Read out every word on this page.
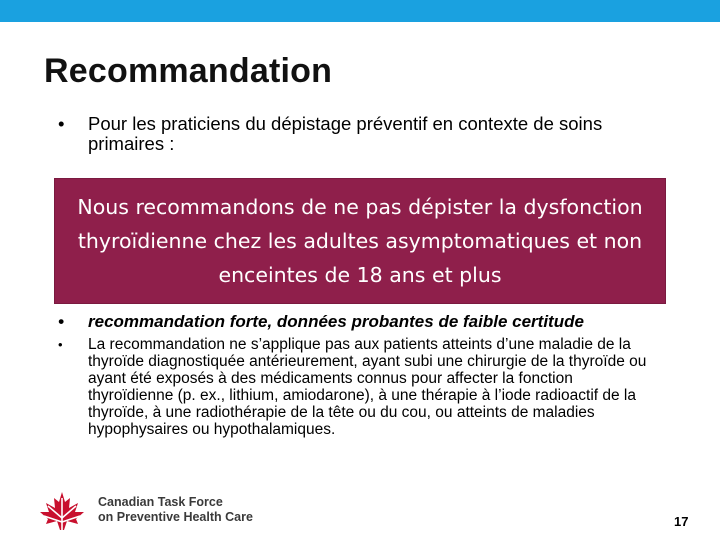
Recommandation
•	Pour les praticiens du dépistage préventif en contexte de soins primaires :
Nous recommandons de ne pas dépister la dysfonction thyroïdienne chez les adultes asymptomatiques et non enceintes de 18 ans et plus
•	recommandation forte, données probantes de faible certitude
•	La recommandation ne s’applique pas aux patients atteints d’une maladie de la thyroïde diagnostiquée antérieurement, ayant subi une chirurgie de la thyroïde ou ayant été exposés à des médicaments connus pour affecter la fonction thyroïdienne (p. ex., lithium, amiodarone), à une thérapie à l’iode radioactif de la thyroïde, à une radiothérapie de la tête ou du cou, ou atteints de maladies hypophysaires ou hypothalamiques.
Canadian Task Force
on Preventive Health Care	17
